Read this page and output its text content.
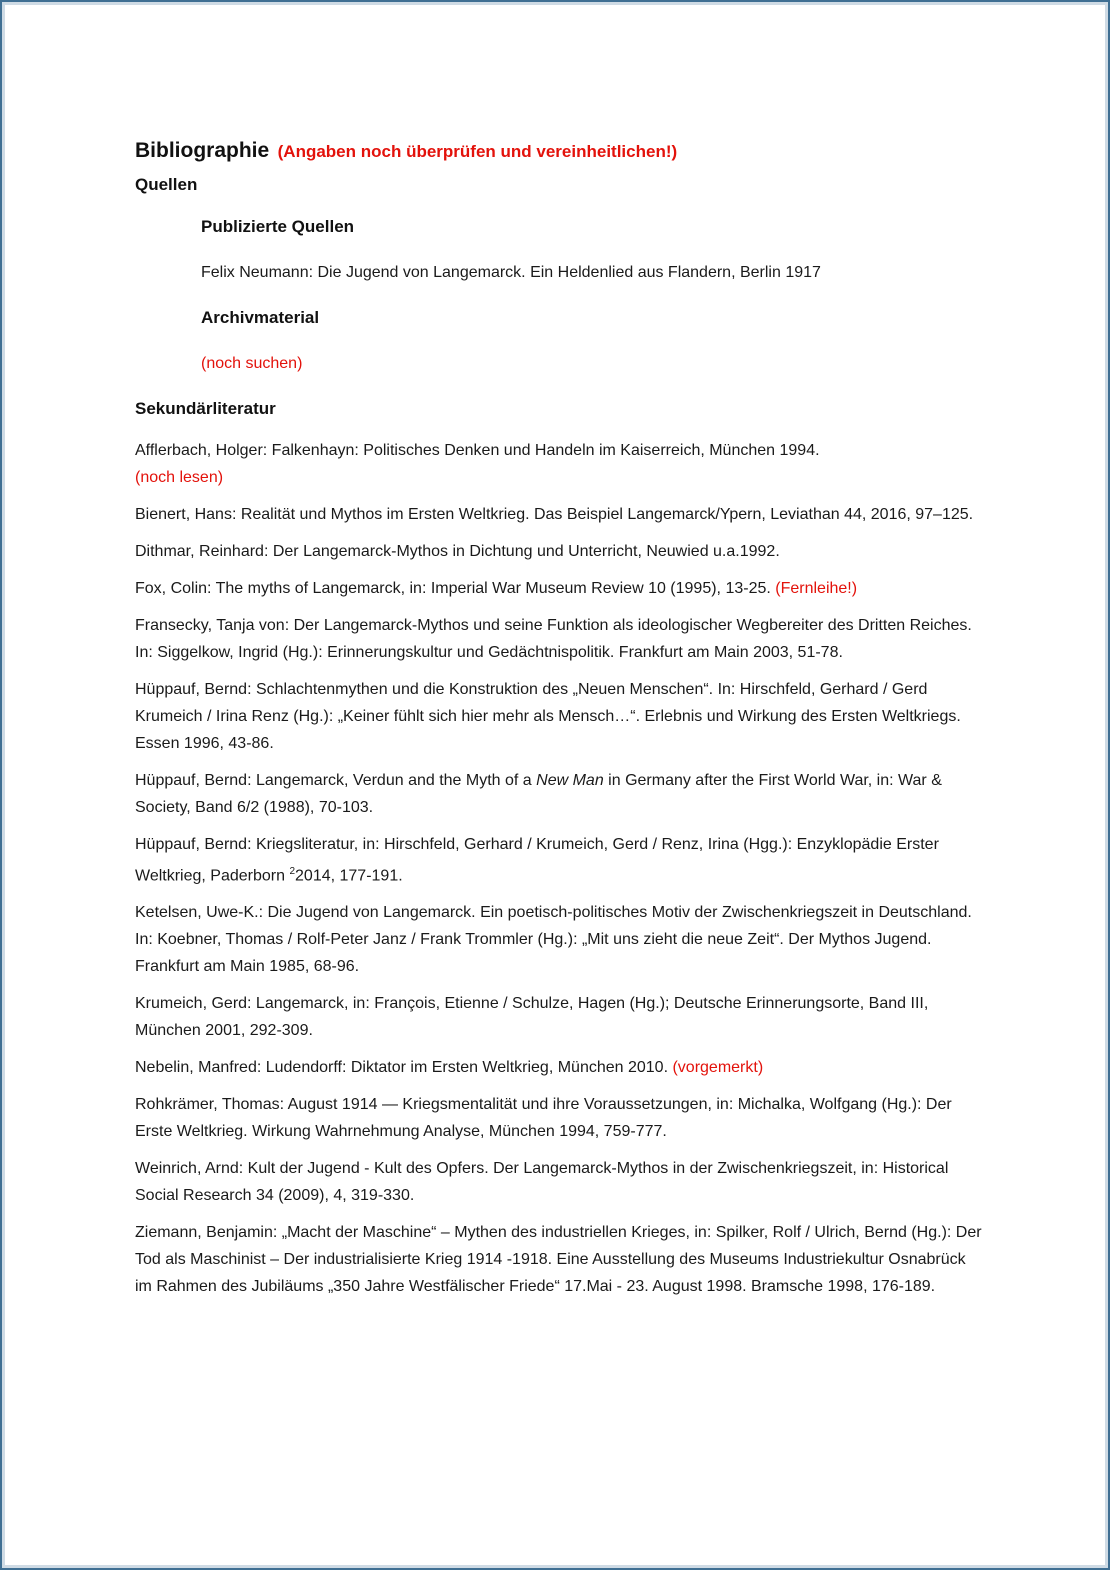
Bibliographie (Angaben noch überprüfen und vereinheitlichen!)
Quellen
Publizierte Quellen
Felix Neumann: Die Jugend von Langemarck. Ein Heldenlied aus Flandern, Berlin 1917
Archivmaterial
(noch suchen)
Sekundärliteratur

Afflerbach, Holger: Falkenhayn: Politisches Denken und Handeln im Kaiserreich, München 1994.
(noch lesen)

Bienert, Hans: Realität und Mythos im Ersten Weltkrieg. Das Beispiel Langemarck/Ypern, Leviathan 44, 2016, 97–125.

Dithmar, Reinhard: Der Langemarck-Mythos in Dichtung und Unterricht, Neuwied u.a.1992.

Fox, Colin: The myths of Langemarck, in: Imperial War Museum Review 10 (1995), 13-25. (Fernleihe!)

Fransecky, Tanja von: Der Langemarck-Mythos und seine Funktion als ideologischer Wegbereiter des Dritten Reiches. In: Siggelkow, Ingrid (Hg.): Erinnerungskultur und Gedächtnispolitik. Frankfurt am Main 2003, 51-78.

Hüppauf, Bernd: Schlachtenmythen und die Konstruktion des „Neuen Menschen“. In: Hirschfeld, Gerhard / Gerd Krumeich / Irina Renz (Hg.): „Keiner fühlt sich hier mehr als Mensch…“. Erlebnis und Wirkung des Ersten Weltkriegs. Essen 1996, 43-86.

Hüppauf, Bernd: Langemarck, Verdun and the Myth of a New Man in Germany after the First World War, in: War & Society, Band 6/2 (1988), 70-103.

Hüppauf, Bernd: Kriegsliteratur, in: Hirschfeld, Gerhard / Krumeich, Gerd / Renz, Irina (Hgg.): Enzyklopädie Erster Weltkrieg, Paderborn $^2$2014, 177-191.

Ketelsen, Uwe-K.: Die Jugend von Langemarck. Ein poetisch-politisches Motiv der Zwischenkriegszeit in Deutschland. In: Koebner, Thomas / Rolf-Peter Janz / Frank Trommler (Hg.): „Mit uns zieht die neue Zeit“. Der Mythos Jugend. Frankfurt am Main 1985, 68-96.

Krumeich, Gerd: Langemarck, in: François, Etienne / Schulze, Hagen (Hg.); Deutsche Erinnerungsorte, Band III, München 2001, 292-309.

Nebelin, Manfred: Ludendorff: Diktator im Ersten Weltkrieg, München 2010. (vorgemerkt)

Rohkrämer, Thomas: August 1914 — Kriegsmentalität und ihre Voraussetzungen, in: Michalka, Wolfgang (Hg.): Der Erste Weltkrieg. Wirkung Wahrnehmung Analyse, München 1994, 759-777.

Weinrich, Arnd: Kult der Jugend - Kult des Opfers. Der Langemarck-Mythos in der Zwischenkriegszeit, in: Historical Social Research 34 (2009), 4, 319-330.

Ziemann, Benjamin: „Macht der Maschine“ – Mythen des industriellen Krieges, in: Spilker, Rolf / Ulrich, Bernd (Hg.): Der Tod als Maschinist – Der industrialisierte Krieg 1914 -1918. Eine Ausstellung des Museums Industriekultur Osnabrück im Rahmen des Jubiläums „350 Jahre Westfälischer Friede“ 17.Mai - 23. August 1998. Bramsche 1998, 176-189.
